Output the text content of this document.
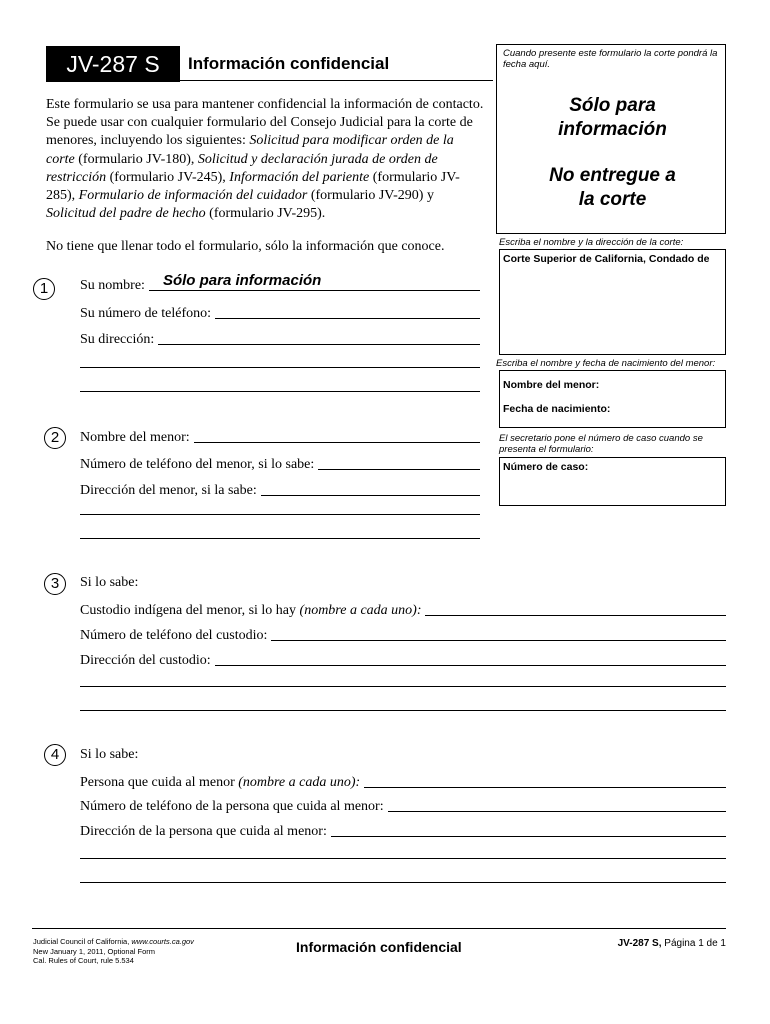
JV-287 S	Información confidencial
Este formulario se usa para mantener confidencial la información de contacto. Se puede usar con cualquier formulario del Consejo Judicial para la corte de menores, incluyendo los siguientes: Solicitud para modificar orden de la corte (formulario JV-180), Solicitud y declaración jurada de orden de restricción (formulario JV-245), Información del pariente (formulario JV-285), Formulario de información del cuidador (formulario JV-290) y Solicitud del padre de hecho (formulario JV-295).
No tiene que llenar todo el formulario, sólo la información que conoce.
Cuando presente este formulario la corte pondrá la fecha aquí.
Sólo para información
No entregue a la corte
Escriba el nombre y la dirección de la corte:
Corte Superior de California, Condado de
Escriba el nombre y fecha de nacimiento del menor:
Nombre del menor:
Fecha de nacimiento:
El secretario pone el número de caso cuando se presenta el formulario:
Número de caso:
1	Su nombre: Sólo para información
Su número de teléfono:
Su dirección:
2	Nombre del menor:
Número de teléfono del menor, si lo sabe:
Dirección del menor, si la sabe:
3	Si lo sabe:
Custodio indígena del menor, si lo hay (nombre a cada uno):
Número de teléfono del custodio:
Dirección del custodio:
4	Si lo sabe:
Persona que cuida al menor (nombre a cada uno):
Número de teléfono de la persona que cuida al menor:
Dirección de la persona que cuida al menor:
Judicial Council of California, www.courts.ca.gov
New January 1, 2011, Optional Form
Cal. Rules of Court, rule 5.534
Información confidencial	JV-287 S, Página 1 de 1
